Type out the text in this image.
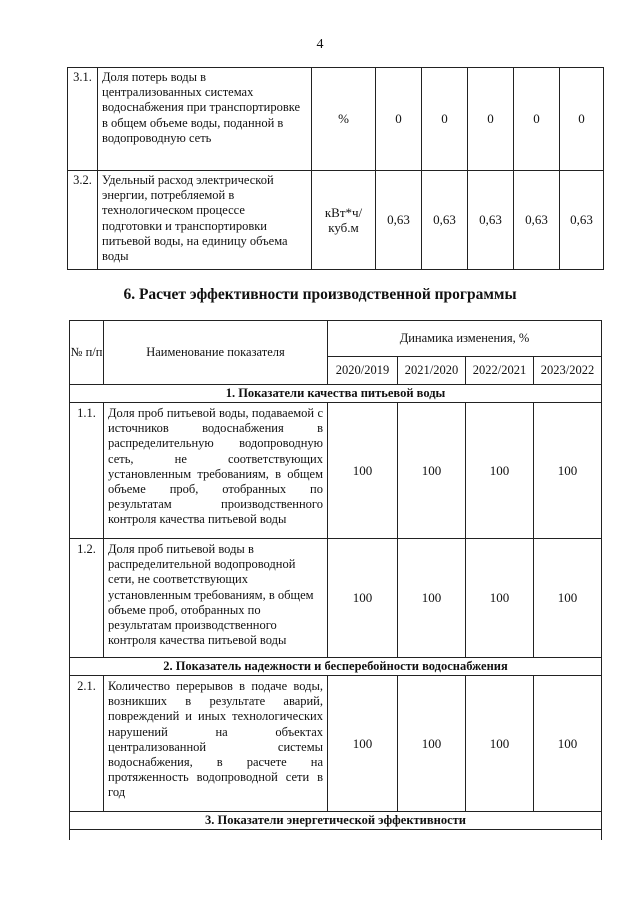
4
3.1.	Доля потерь воды в централизованных системах водоснабжения при транспортировке в общем объеме воды, поданной в водопроводную сеть	%	0	0	0	0	0
3.2.	Удельный расход электрической энергии, потребляемой в технологическом процессе подготовки и транспортировки питьевой воды, на единицу объема воды	кВт*ч/ куб.м	0,63	0,63	0,63	0,63	0,63
6. Расчет эффективности производственной программы
№ п/п	Наименование показателя	Динамика изменения, %			
		2020/2019	2021/2020	2022/2021	2023/2022
1. Показатели качества питьевой воды					
1.1.	Доля проб питьевой воды, подаваемой с источников водоснабжения в распределительную водопроводную сеть, не соответствующих установленным требованиям, в общем объеме проб, отобранных по результатам производственного контроля качества питьевой воды	100	100	100	100
1.2.	Доля проб питьевой воды в распределительной водопроводной сети, не соответствующих установленным требованиям, в общем объеме проб, отобранных по результатам производственного контроля качества питьевой воды	100	100	100	100
2. Показатель надежности и бесперебойности водоснабжения					
2.1.	Количество перерывов в подаче воды, возникших в результате аварий, повреждений и иных технологических нарушений на объектах централизованной системы водоснабжения, в расчете на протяженность водопроводной сети в год	100	100	100	100
3. Показатели энергетической эффективности					
